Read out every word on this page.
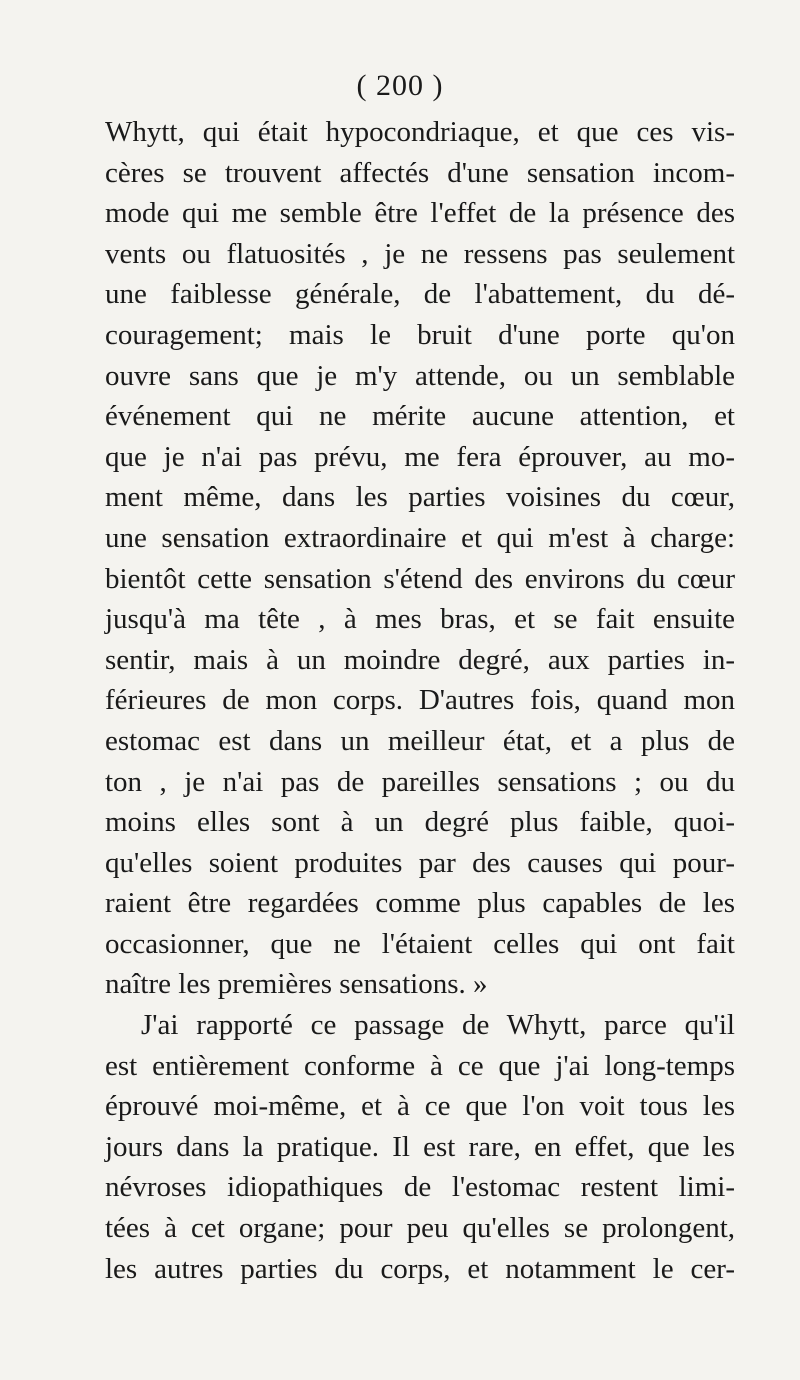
( 200 )
Whytt, qui était hypocondriaque, et que ces vis-
cères se trouvent affectés d'une sensation incom-
mode qui me semble être l'effet de la présence des
vents ou flatuosités , je ne ressens pas seulement
une faiblesse générale, de l'abattement, du dé-
couragement; mais le bruit d'une porte qu'on
ouvre sans que je m'y attende, ou un semblable
événement qui ne mérite aucune attention, et
que je n'ai pas prévu, me fera éprouver, au mo-
ment même, dans les parties voisines du cœur,
une sensation extraordinaire et qui m'est à charge:
bientôt cette sensation s'étend des environs du cœur
jusqu'à ma tête , à mes bras, et se fait ensuite
sentir, mais à un moindre degré, aux parties in-
férieures de mon corps. D'autres fois, quand mon
estomac est dans un meilleur état, et a plus de
ton , je n'ai pas de pareilles sensations ; ou du
moins elles sont à un degré plus faible, quoi-
qu'elles soient produites par des causes qui pour-
raient être regardées comme plus capables de les
occasionner, que ne l'étaient celles qui ont fait
naître les premières sensations. »
J'ai rapporté ce passage de Whytt, parce qu'il
est entièrement conforme à ce que j'ai long-temps
éprouvé moi-même, et à ce que l'on voit tous les
jours dans la pratique. Il est rare, en effet, que les
névroses idiopathiques de l'estomac restent limi-
tées à cet organe; pour peu qu'elles se prolongent,
les autres parties du corps, et notamment le cer-
